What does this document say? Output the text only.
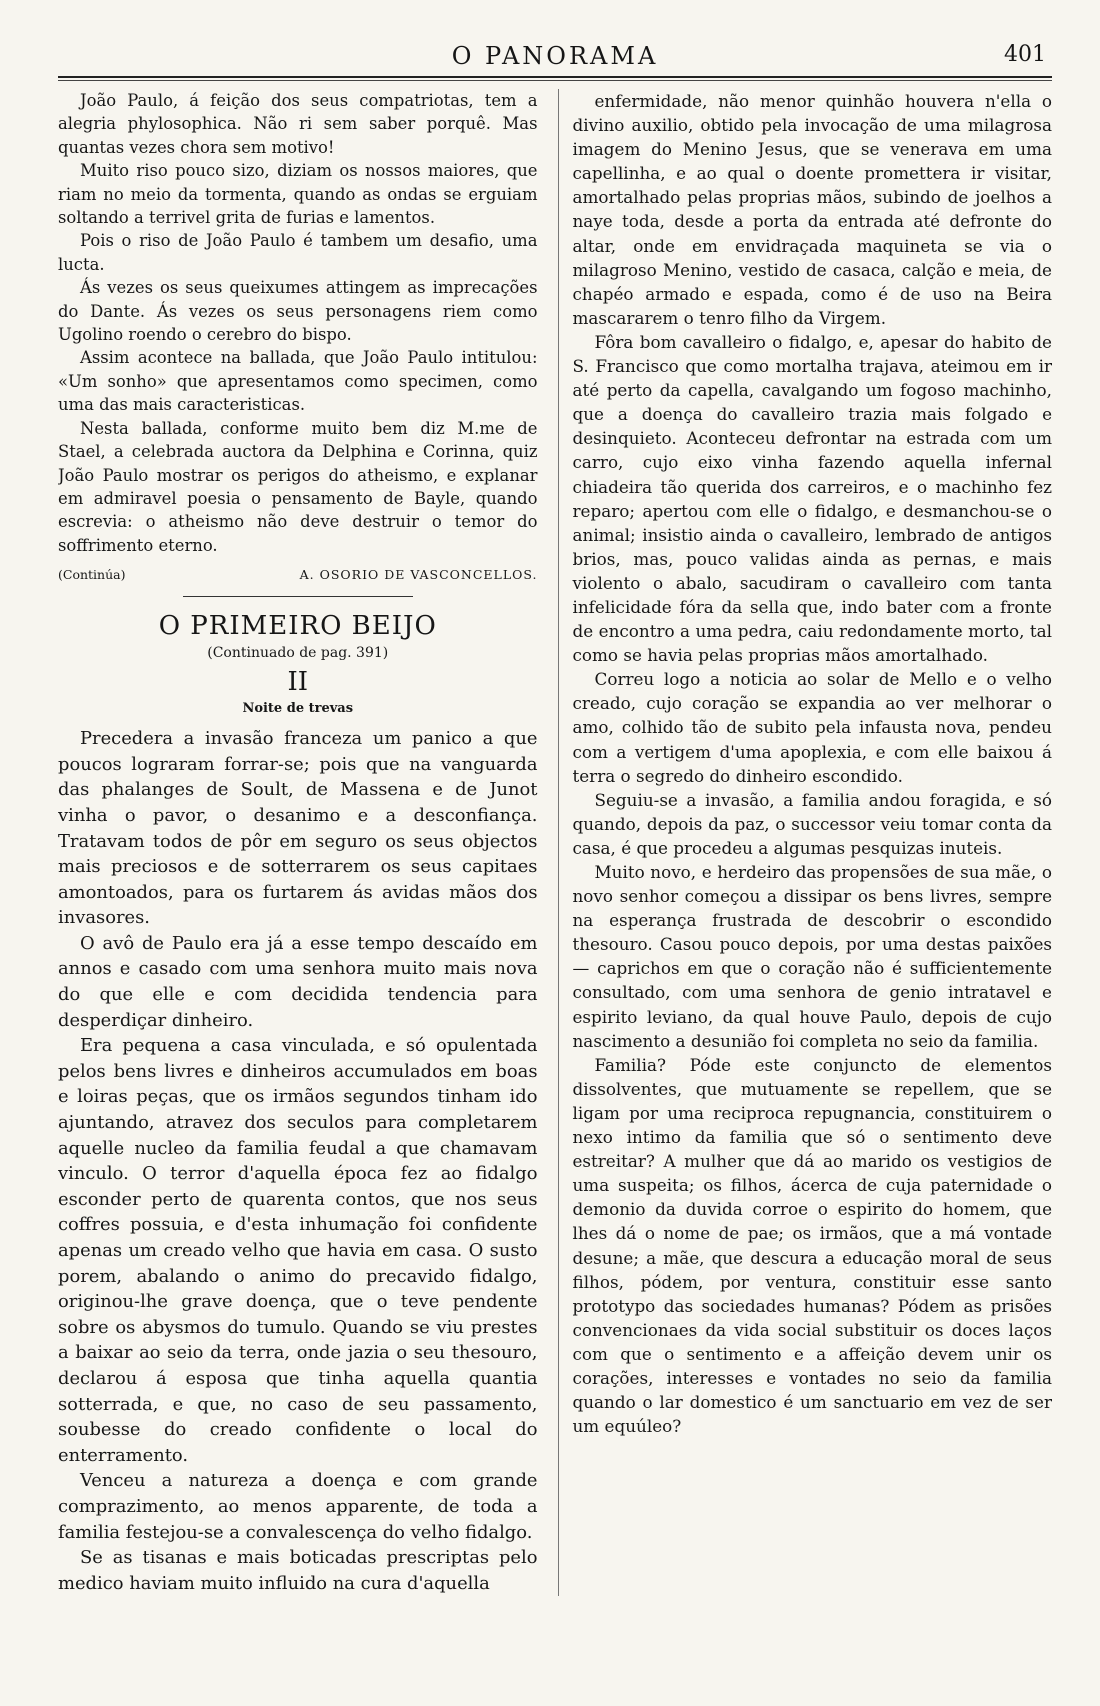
O PANORAMA	401

João Paulo, á feição dos seus compatriotas, tem a alegria phylosophica. Não ri sem saber porquê. Mas quantas vezes chora sem motivo!

Muito riso pouco sizo, diziam os nossos maiores, que riam no meio da tormenta, quando as ondas se erguiam soltando a terrivel grita de furias e lamentos.

Pois o riso de João Paulo é tambem um desafio, uma lucta.

Ás vezes os seus queixumes attingem as imprecações do Dante. Ás vezes os seus personagens riem como Ugolino roendo o cerebro do bispo.

Assim acontece na ballada, que João Paulo intitulou: «Um sonho» que apresentamos como specimen, como uma das mais caracteristicas.

Nesta ballada, conforme muito bem diz M.me de Stael, a celebrada auctora da Delphina e Corinna, quiz João Paulo mostrar os perigos do atheismo, e explanar em admiravel poesia o pensamento de Bayle, quando escrevia: o atheismo não deve destruir o temor do soffrimento eterno.

(Continúa)	A. OSORIO DE VASCONCELLOS.
O PRIMEIRO BEIJO
(Continuado de pag. 391)
II
Noite de trevas

Precedera a invasão franceza um panico a que poucos lograram forrar-se; pois que na vanguarda das phalanges de Soult, de Massena e de Junot vinha o pavor, o desanimo e a desconfiança. Tratavam todos de pôr em seguro os seus objectos mais preciosos e de sotterrarem os seus capitaes amontoados, para os furtarem ás avidas mãos dos invasores.

O avô de Paulo era já a esse tempo descaído em annos e casado com uma senhora muito mais nova do que elle e com decidida tendencia para desperdiçar dinheiro.

Era pequena a casa vinculada, e só opulentada pelos bens livres e dinheiros accumulados em boas e loiras peças, que os irmãos segundos tinham ido ajuntando, atravez dos seculos para completarem aquelle nucleo da familia feudal a que chamavam vinculo. O terror d'aquella época fez ao fidalgo esconder perto de quarenta contos, que nos seus coffres possuia, e d'esta inhumação foi confidente apenas um creado velho que havia em casa. O susto porem, abalando o animo do precavido fidalgo, originou-lhe grave doença, que o teve pendente sobre os abysmos do tumulo. Quando se viu prestes a baixar ao seio da terra, onde jazia o seu thesouro, declarou á esposa que tinha aquella quantia sotterrada, e que, no caso de seu passamento, soubesse do creado confidente o local do enterramento.

Venceu a natureza a doença e com grande comprazimento, ao menos apparente, de toda a familia festejou-se a convalescença do velho fidalgo.

Se as tisanas e mais boticadas prescriptas pelo medico haviam muito influido na cura d'aquella

enfermidade, não menor quinhão houvera n'ella o divino auxilio, obtido pela invocação de uma milagrosa imagem do Menino Jesus, que se venerava em uma capellinha, e ao qual o doente promettera ir visitar, amortalhado pelas proprias mãos, subindo de joelhos a naye toda, desde a porta da entrada até defronte do altar, onde em envidraçada maquineta se via o milagroso Menino, vestido de casaca, calção e meia, de chapéo armado e espada, como é de uso na Beira mascararem o tenro filho da Virgem.

Fôra bom cavalleiro o fidalgo, e, apesar do habito de S. Francisco que como mortalha trajava, ateimou em ir até perto da capella, cavalgando um fogoso machinho, que a doença do cavalleiro trazia mais folgado e desinquieto. Aconteceu defrontar na estrada com um carro, cujo eixo vinha fazendo aquella infernal chiadeira tão querida dos carreiros, e o machinho fez reparo; apertou com elle o fidalgo, e desmanchou-se o animal; insistio ainda o cavalleiro, lembrado de antigos brios, mas, pouco validas ainda as pernas, e mais violento o abalo, sacudiram o cavalleiro com tanta infelicidade fóra da sella que, indo bater com a fronte de encontro a uma pedra, caiu redondamente morto, tal como se havia pelas proprias mãos amortalhado.

Correu logo a noticia ao solar de Mello e o velho creado, cujo coração se expandia ao ver melhorar o amo, colhido tão de subito pela infausta nova, pendeu com a vertigem d'uma apoplexia, e com elle baixou á terra o segredo do dinheiro escondido.

Seguiu-se a invasão, a familia andou foragida, e só quando, depois da paz, o successor veiu tomar conta da casa, é que procedeu a algumas pesquizas inuteis.

Muito novo, e herdeiro das propensões de sua mãe, o novo senhor começou a dissipar os bens livres, sempre na esperança frustrada de descobrir o escondido thesouro. Casou pouco depois, por uma destas paixões — caprichos em que o coração não é sufficientemente consultado, com uma senhora de genio intratavel e espirito leviano, da qual houve Paulo, depois de cujo nascimento a desunião foi completa no seio da familia.

Familia? Póde este conjuncto de elementos dissolventes, que mutuamente se repellem, que se ligam por uma reciproca repugnancia, constituirem o nexo intimo da familia que só o sentimento deve estreitar? A mulher que dá ao marido os vestigios de uma suspeita; os filhos, ácerca de cuja paternidade o demonio da duvida corroe o espirito do homem, que lhes dá o nome de pae; os irmãos, que a má vontade desune; a mãe, que descura a educação moral de seus filhos, pódem, por ventura, constituir esse santo prototypo das sociedades humanas? Pódem as prisões convencionaes da vida social substituir os doces laços com que o sentimento e a affeição devem unir os corações, interesses e vontades no seio da familia quando o lar domestico é um sanctuario em vez de ser um equúleo?
